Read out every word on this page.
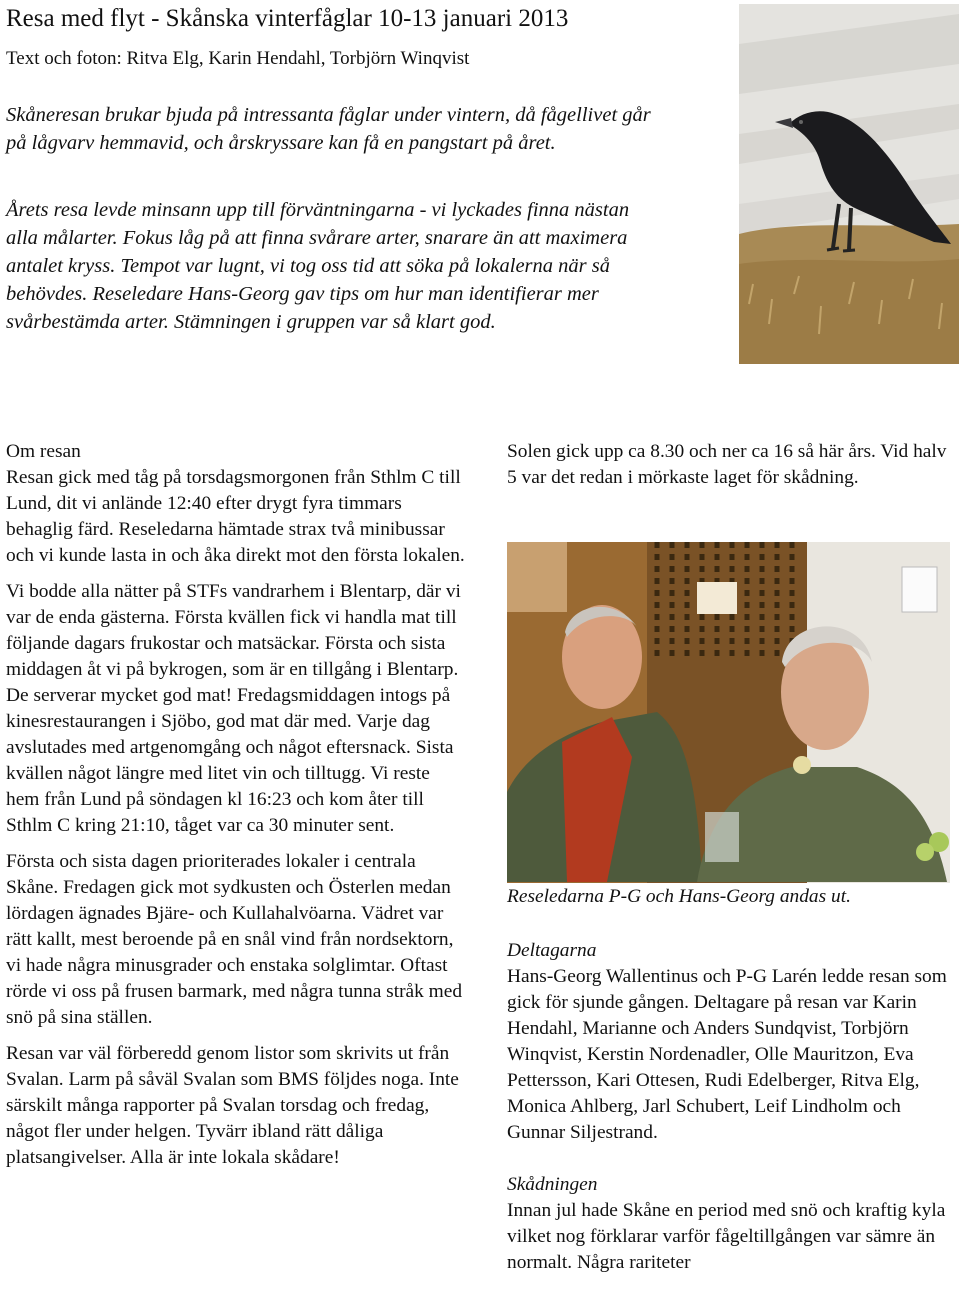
Resa med flyt - Skånska vinterfåglar 10-13 januari 2013
Text och foton: Ritva Elg, Karin Hendahl, Torbjörn Winqvist

Skåneresan brukar bjuda på intressanta fåglar under vintern, då fågellivet går på lågvarv hemmavid, och årskryssare kan få en pangstart på året.

Årets resa levde minsann upp till förväntningarna - vi lyckades finna nästan alla målarter. Fokus låg på att finna svårare arter, snarare än att maximera antalet kryss. Tempot var lugnt, vi tog oss tid att söka på lokalerna när så behövdes. Reseledare Hans-Georg gav tips om hur man identifierar mer svårbestämda arter. Stämningen i gruppen var så klart god.

Om resan

Resan gick med tåg på torsdagsmorgonen från Sthlm C till Lund, dit vi anlände 12:40 efter drygt fyra timmars behaglig färd. Reseledarna hämtade strax två minibussar och vi kunde lasta in och åka direkt mot den första lokalen.

Vi bodde alla nätter på STFs vandrarhem i Blentarp, där vi var de enda gästerna. Första kvällen fick vi handla mat till följande dagars frukostar och matsäckar. Första och sista middagen åt vi på bykrogen, som är en tillgång i Blentarp. De serverar mycket god mat! Fredagsmiddagen intogs på kinesrestaurangen i Sjöbo, god mat där med. Varje dag avslutades med artgenomgång och något eftersnack. Sista kvällen något längre med litet vin och tilltugg. Vi reste hem från Lund på söndagen kl 16:23 och kom åter till Sthlm C kring 21:10, tåget var ca 30 minuter sent.

Första och sista dagen prioriterades lokaler i centrala Skåne. Fredagen gick mot sydkusten och Österlen medan lördagen ägnades Bjäre- och Kullahalvöarna. Vädret var rätt kallt, mest beroende på en snål vind från nordsektorn, vi hade några minusgrader och enstaka solglimtar. Oftast rörde vi oss på frusen barmark, med några tunna stråk med snö på sina ställen.

Resan var väl förberedd genom listor som skrivits ut från Svalan. Larm på såväl Svalan som BMS följdes noga. Inte särskilt många rapporter på Svalan torsdag och fredag, något fler under helgen. Tyvärr ibland rätt dåliga platsangivelser. Alla är inte lokala skådare!

Solen gick upp ca 8.30 och ner ca 16 så här års. Vid halv 5 var det redan i mörkaste laget för skådning.

Reseledarna P-G och Hans-Georg andas ut.

Deltagarna

Hans-Georg Wallentinus och P-G Larén ledde resan som gick för sjunde gången. Deltagare på resan var Karin Hendahl, Marianne och Anders Sundqvist, Torbjörn Winqvist, Kerstin Nordenadler, Olle Mauritzon, Eva Pettersson, Kari Ottesen, Rudi Edelberger, Ritva Elg, Monica Ahlberg, Jarl Schubert, Leif Lindholm och Gunnar Siljestrand.

Skådningen

Innan jul hade Skåne en period med snö och kraftig kyla vilket nog förklarar varför fågeltillgången var sämre än normalt. Några rariteter
